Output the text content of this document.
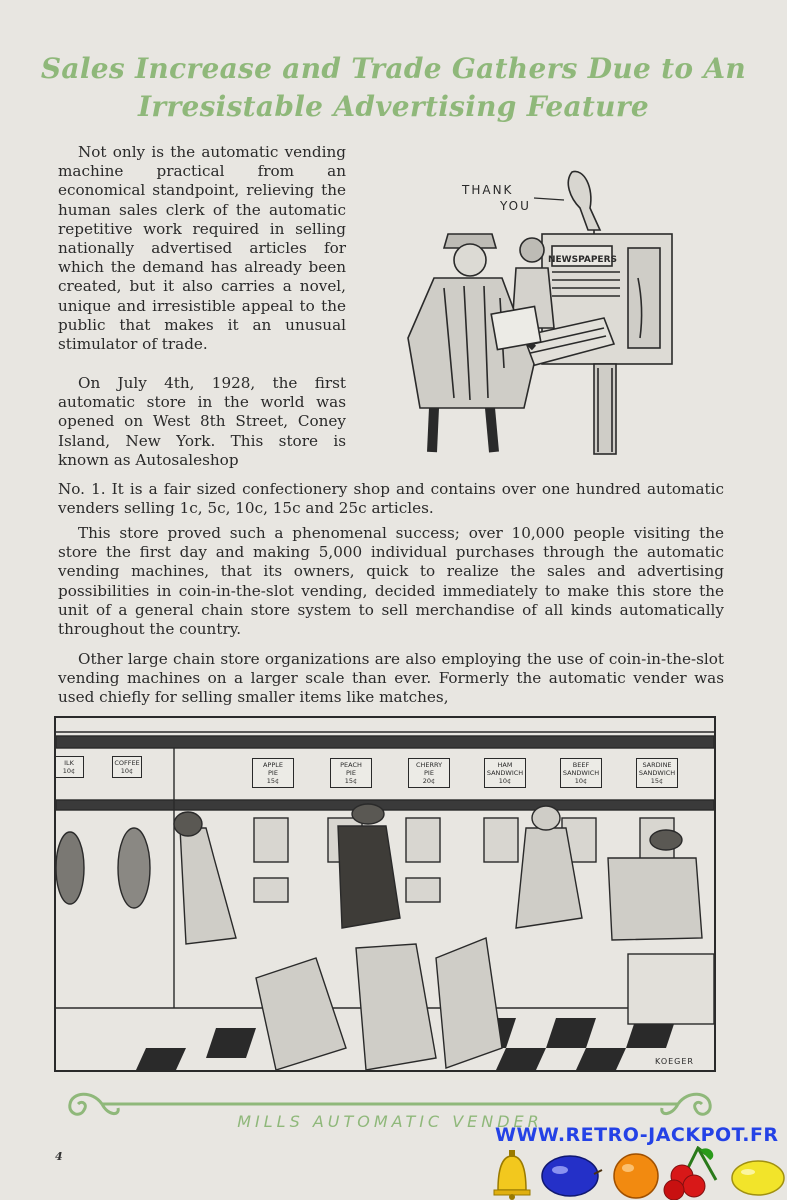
Sales Increase and Trade Gathers Due to An Irresistable Advertising Feature

Not only is the automatic vending machine practical from an economical standpoint, relieving the human sales clerk of the automatic repetitive work required in selling nationally advertised articles for which the demand has already been created, but it also carries a novel, unique and irresistible appeal to the public that makes it an unusual stimulator of trade.

On July 4th, 1928, the first automatic store in the world was opened on West 8th Street, Coney Island, New York. This store is known as Autosaleshop

No. 1. It is a fair sized confectionery shop and contains over one hundred automatic venders selling 1c, 5c, 10c, 15c and 25c articles.

This store proved such a phenomenal success; over 10,000 people visiting the store the first day and making 5,000 individual purchases through the automatic vending machines, that its owners, quick to realize the sales and advertising possibilities in coin-in-the-slot vending, decided immediately to make this store the unit of a general chain store system to sell merchandise of all kinds automatically throughout the country.

Other large chain store organizations are also employing the use of coin-in-the-slot vending machines on a larger scale than ever. Formerly the automatic vender was used chiefly for selling smaller items like matches,

THANK
YOU
NEWSPAPERS
ILK
10¢
COFFEE
10¢
APPLE
PIE
15¢
PEACH
PIE
15¢
CHERRY
PIE
20¢
HAM
SANDWICH
10¢
BEEF
SANDWICH
10¢
SARDINE
SANDWICH
15¢
KOEGER

MILLS AUTOMATIC VENDER

4

WWW.RETRO-JACKPOT.FR
